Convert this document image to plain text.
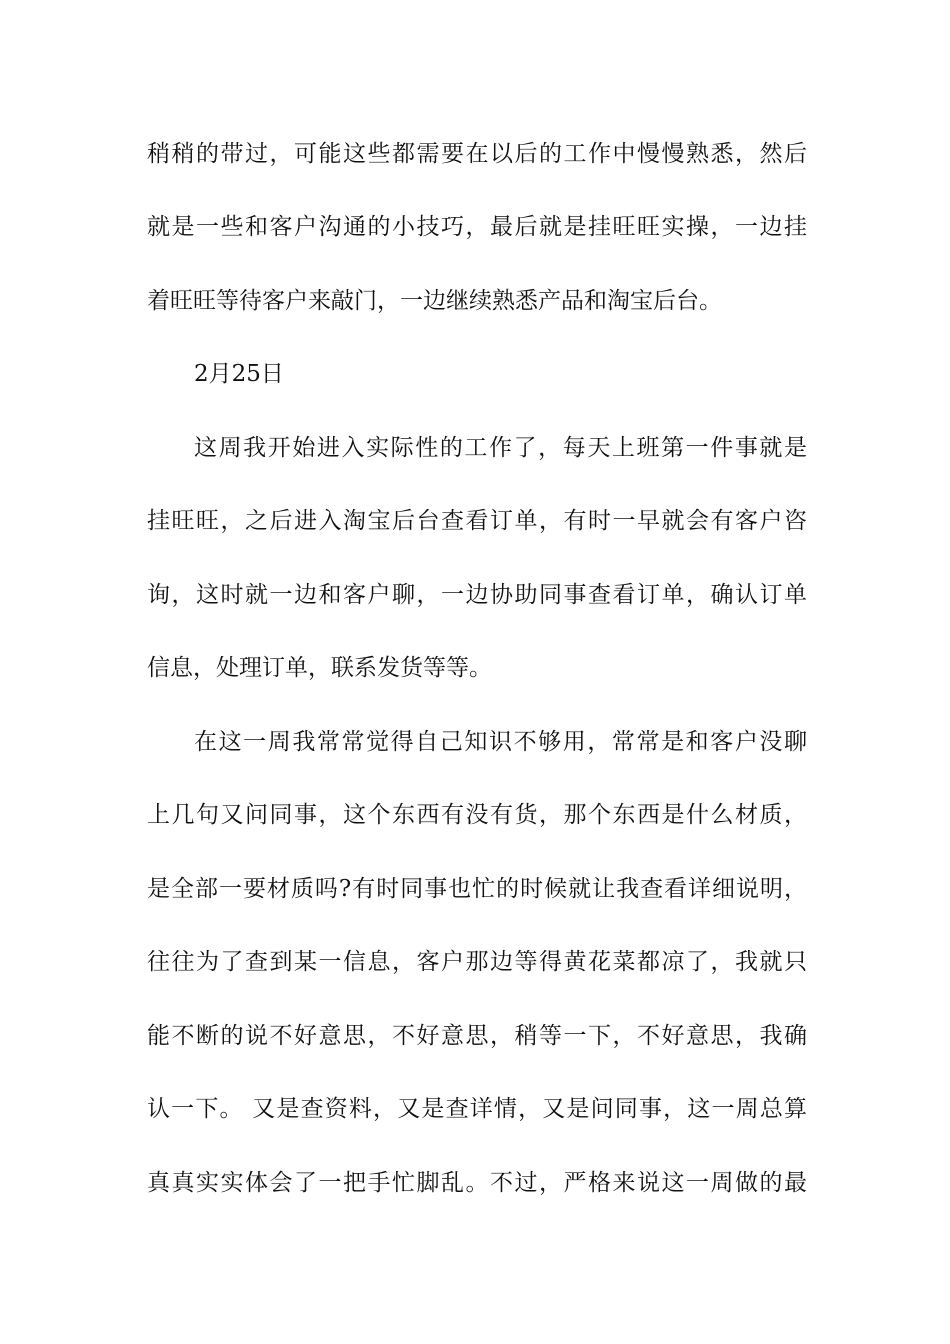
稍稍的带过，可能这些都需要在以后的工作中慢慢熟悉，然后
就是一些和客户沟通的小技巧，最后就是挂旺旺实操，一边挂
着旺旺等待客户来敲门，一边继续熟悉产品和淘宝后台。
2月25日
这周我开始进入实际性的工作了，每天上班第一件事就是
挂旺旺，之后进入淘宝后台查看订单，有时一早就会有客户咨
询，这时就一边和客户聊，一边协助同事查看订单，确认订单
信息，处理订单，联系发货等等。
在这一周我常常觉得自己知识不够用，常常是和客户没聊
上几句又问同事，这个东西有没有货，那个东西是什么材质，
是全部一要材质吗?有时同事也忙的时候就让我查看详细说明，
往往为了查到某一信息，客户那边等得黄花菜都凉了，我就只
能不断的说不好意思，不好意思，稍等一下，不好意思，我确
认一下。 又是查资料，又是查详情，又是问同事，这一周总算
真真实实体会了一把手忙脚乱。不过，严格来说这一周做的最
